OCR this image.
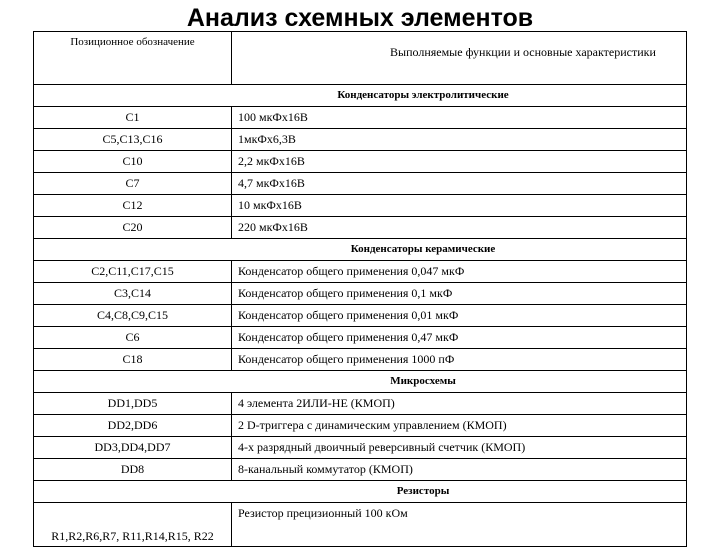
Анализ схемных элементов
Позиционное обозначение	Выполняемые функции и основные характеристики
Конденсаторы электролитические	
C1	100 мкФх16В
C5,C13,C16	1мкФх6,3В
C10	2,2 мкФх16В
C7	4,7 мкФх16В
C12	10 мкФх16В
C20	220 мкФх16В
Конденсаторы керамические	
C2,C11,C17,C15	Конденсатор общего применения 0,047 мкФ
C3,C14	Конденсатор общего применения 0,1 мкФ
C4,C8,C9,C15	Конденсатор общего применения 0,01 мкФ
C6	Конденсатор общего применения 0,47 мкФ
C18	Конденсатор общего применения 1000 пФ
Микросхемы	
DD1,DD5	4 элемента 2ИЛИ-НЕ (КМОП)
DD2,DD6	2 D-триггера с динамическим управлением (КМОП)
DD3,DD4,DD7	4-х разрядный двоичный реверсивный счетчик (КМОП)
DD8	8-канальный коммутатор (КМОП)
Резисторы	
R1,R2,R6,R7, R11,R14,R15, R22	Резистор прецизионный 100 кОм
